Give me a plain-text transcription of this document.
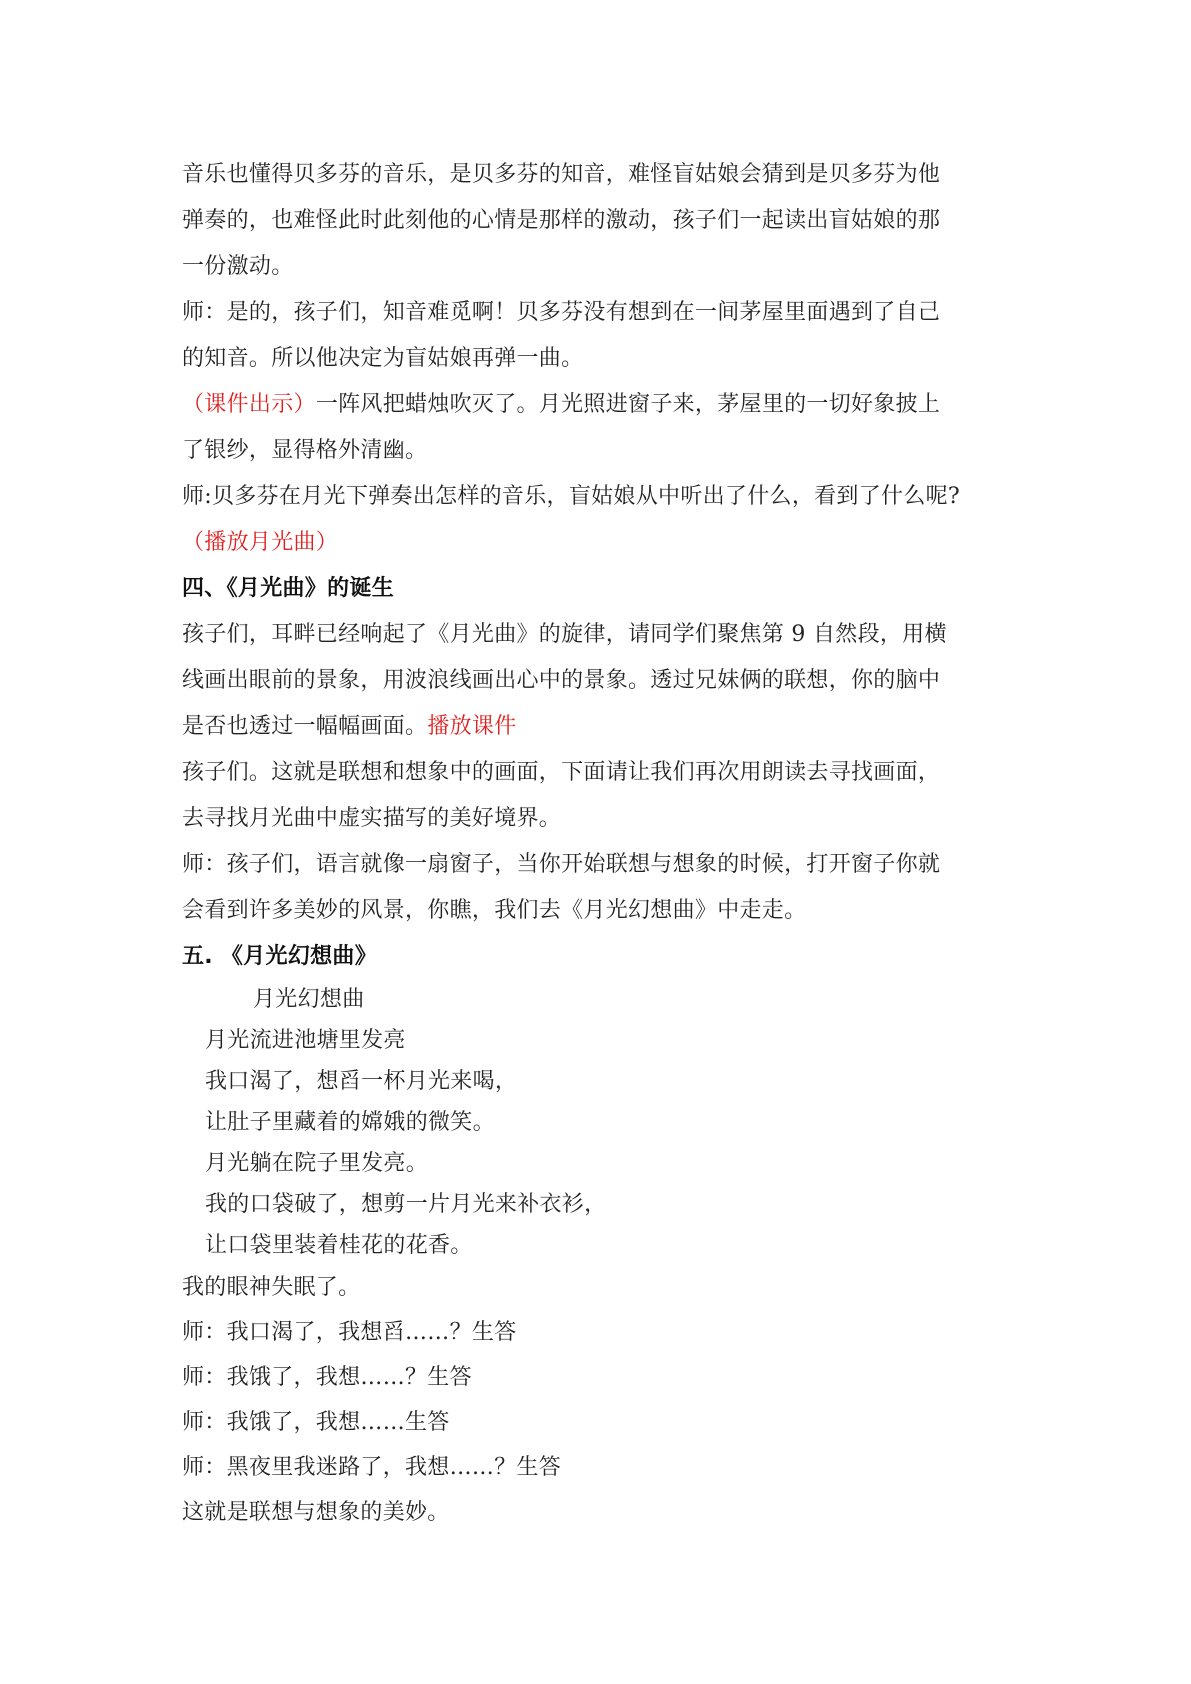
音乐也懂得贝多芬的音乐，是贝多芬的知音，难怪盲姑娘会猜到是贝多芬为他
弹奏的，也难怪此时此刻他的心情是那样的激动，孩子们一起读出盲姑娘的那
一份激动。
师：是的，孩子们，知音难觅啊！贝多芬没有想到在一间茅屋里面遇到了自己
的知音。所以他决定为盲姑娘再弹一曲。
（课件出示）一阵风把蜡烛吹灭了。月光照进窗子来，茅屋里的一切好象披上
了银纱，显得格外清幽。
师:贝多芬在月光下弹奏出怎样的音乐，盲姑娘从中听出了什么，看到了什么呢?
（播放月光曲）
四、《月光曲》的诞生
孩子们，耳畔已经响起了《月光曲》的旋律，请同学们聚焦第 9 自然段，用横
线画出眼前的景象，用波浪线画出心中的景象。透过兄妹俩的联想，你的脑中
是否也透过一幅幅画面。播放课件
孩子们。这就是联想和想象中的画面，下面请让我们再次用朗读去寻找画面，
去寻找月光曲中虚实描写的美好境界。
师：孩子们，语言就像一扇窗子，当你开始联想与想象的时候，打开窗子你就
会看到许多美妙的风景，你瞧，我们去《月光幻想曲》中走走。
五. 《月光幻想曲》
月光幻想曲
月光流进池塘里发亮
我口渴了，想舀一杯月光来喝，
让肚子里藏着的嫦娥的微笑。
月光躺在院子里发亮。
我的口袋破了，想剪一片月光来补衣衫，
让口袋里装着桂花的花香。
我的眼神失眠了。
师：我口渴了，我想舀……？生答
师：我饿了，我想……？生答
师：我饿了，我想……生答
师：黑夜里我迷路了，我想……？生答
这就是联想与想象的美妙。
